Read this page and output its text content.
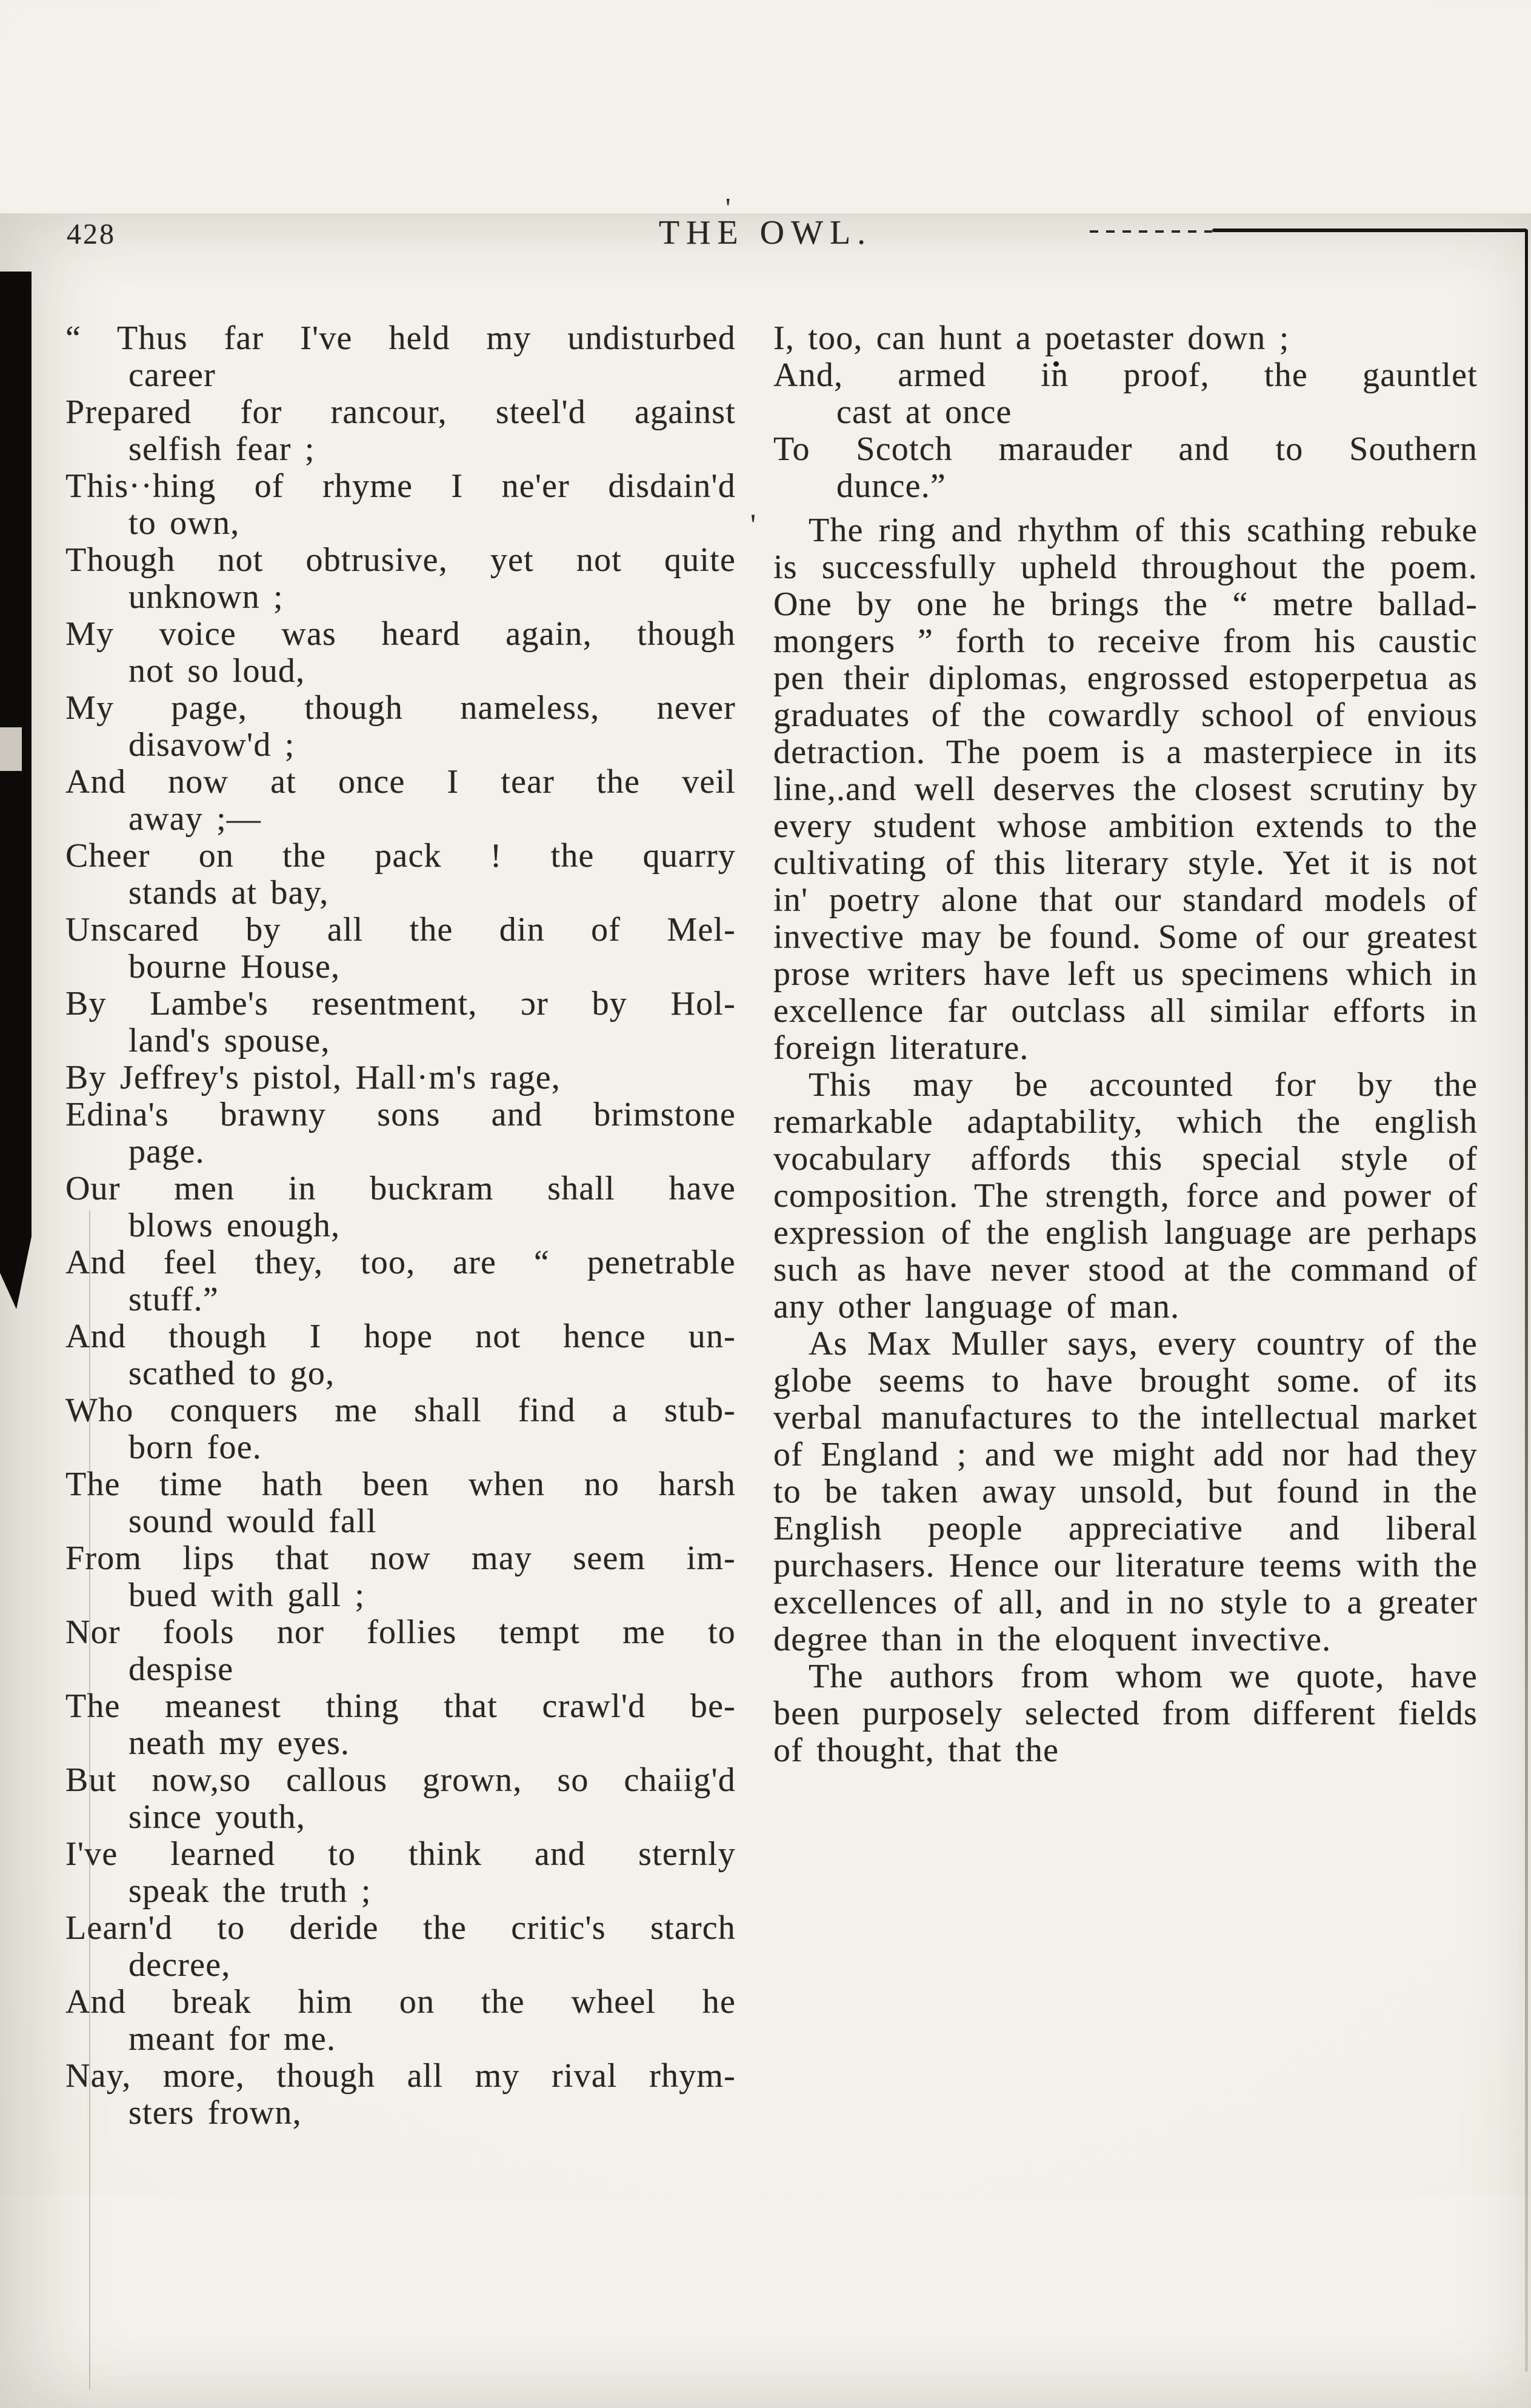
428
'
THE OWL.
“ Thus far I've held my undisturbed
career
Prepared for rancour, steel'd against
selfish fear ;
This··hing of rhyme I ne'er disdain'd
to own,
Though not obtrusive, yet not quite
unknown ;
My voice was heard again, though
not so loud,
My page, though nameless, never
disavow'd ;
And now at once I tear the veil
away ;—
Cheer on the pack ! the quarry
stands at bay,
Unscared by all the din of Mel-
bourne House,
By Lambe's resentment, ɔr by Hol-
land's spouse,
By Jeffrey's pistol, Hall·m's rage,
Edina's brawny sons and brimstone
page.
Our men in buckram shall have
blows enough,
And feel they, too, are “ penetrable
stuff.”
And though I hope not hence un-
scathed to go,
Who conquers me shall find a stub-
born foe.
The time hath been when no harsh
sound would fall
From lips that now may seem im-
bued with gall ;
Nor fools nor follies tempt me to
despise
The meanest thing that crawl'd be-
neath my eyes.
But now,so callous grown, so chaiig'd
since youth,
I've learned to think and sternly
speak the truth ;
Learn'd to deride the critic's starch
decree,
And break him on the wheel he
meant for me.
Nay, more, though all my rival rhym-
sters frown,
I, too, can hunt a poetaster down ;
And, armed in proof, the gauntlet
cast at once
To Scotch marauder and to Southern
dunce.”
'	The ring and rhythm of this scathing rebuke is successfully upheld throughout the poem. One by one he brings the “ metre ballad-mongers ” forth to receive from his caustic pen their diplomas, engrossed estoperpetua as graduates of the cowardly school of envious detraction. The poem is a masterpiece in its line,.and well deserves the closest scrutiny by every student whose ambition extends to the cultivating of this literary style. Yet it is not in' poetry alone that our standard models of invective may be found. Some of our greatest prose writers have left us specimens which in excellence far outclass all similar efforts in foreign literature.

This may be accounted for by the remarkable adaptability, which the english vocabulary affords this special style of composition. The strength, force and power of expression of the english language are perhaps such as have never stood at the command of any other language of man.

As Max Muller says, every country of the globe seems to have brought some. of its verbal manufactures to the intellectual market of England ; and we might add nor had they to be taken away unsold, but found in the English people appreciative and liberal purchasers. Hence our literature teems with the excellences of all, and in no style to a greater degree than in the eloquent invective.

The authors from whom we quote, have been purposely selected from different fields of thought, that the
